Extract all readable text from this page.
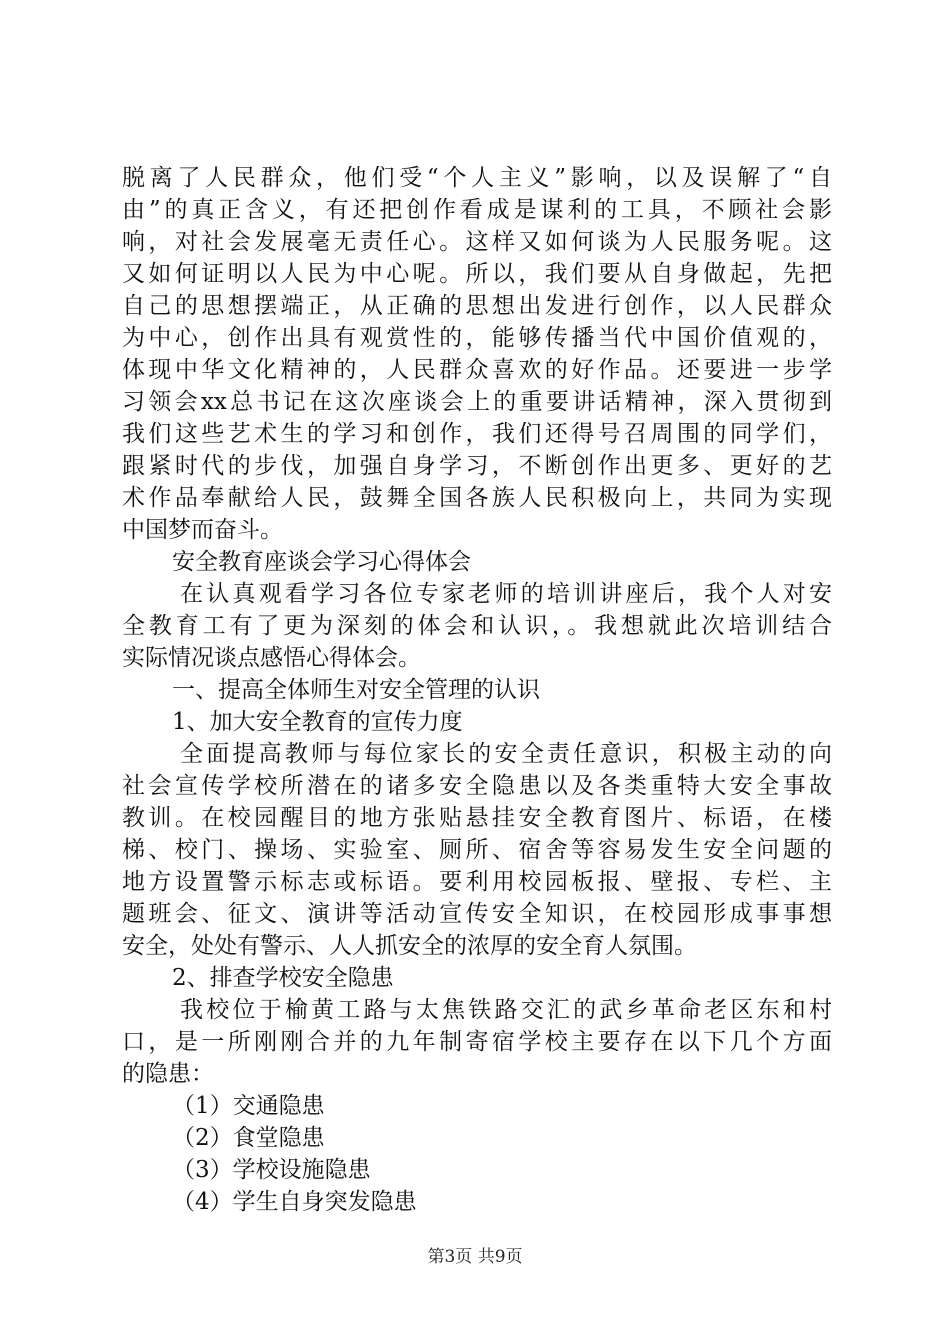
脱离了人民群众，他们受“个人主义”影响，以及误解了“自
由”的真正含义，有还把创作看成是谋利的工具，不顾社会影
响，对社会发展毫无责任心。这样又如何谈为人民服务呢。这
又如何证明以人民为中心呢。所以，我们要从自身做起，先把
自己的思想摆端正，从正确的思想出发进行创作，以人民群众
为中心，创作出具有观赏性的，能够传播当代中国价值观的，
体现中华文化精神的，人民群众喜欢的好作品。还要进一步学
习领会xx总书记在这次座谈会上的重要讲话精神，深入贯彻到
我们这些艺术生的学习和创作，我们还得号召周围的同学们，
跟紧时代的步伐，加强自身学习，不断创作出更多、更好的艺
术作品奉献给人民，鼓舞全国各族人民积极向上，共同为实现
中国梦而奋斗。
安全教育座谈会学习心得体会
在认真观看学习各位专家老师的培训讲座后，我个人对安
全教育工有了更为深刻的体会和认识，。我想就此次培训结合
实际情况谈点感悟心得体会。
一、提高全体师生对安全管理的认识
1、加大安全教育的宣传力度
全面提高教师与每位家长的安全责任意识，积极主动的向
社会宣传学校所潜在的诸多安全隐患以及各类重特大安全事故
教训。在校园醒目的地方张贴悬挂安全教育图片、标语，在楼
梯、校门、操场、实验室、厕所、宿舍等容易发生安全问题的
地方设置警示标志或标语。要利用校园板报、壁报、专栏、主
题班会、征文、演讲等活动宣传安全知识，在校园形成事事想
安全，处处有警示、人人抓安全的浓厚的安全育人氛围。
2、排查学校安全隐患
我校位于榆黄工路与太焦铁路交汇的武乡革命老区东和村
口，是一所刚刚合并的九年制寄宿学校主要存在以下几个方面
的隐患：
（1）交通隐患
（2）食堂隐患
（3）学校设施隐患
（4）学生自身突发隐患
第3页 共9页
